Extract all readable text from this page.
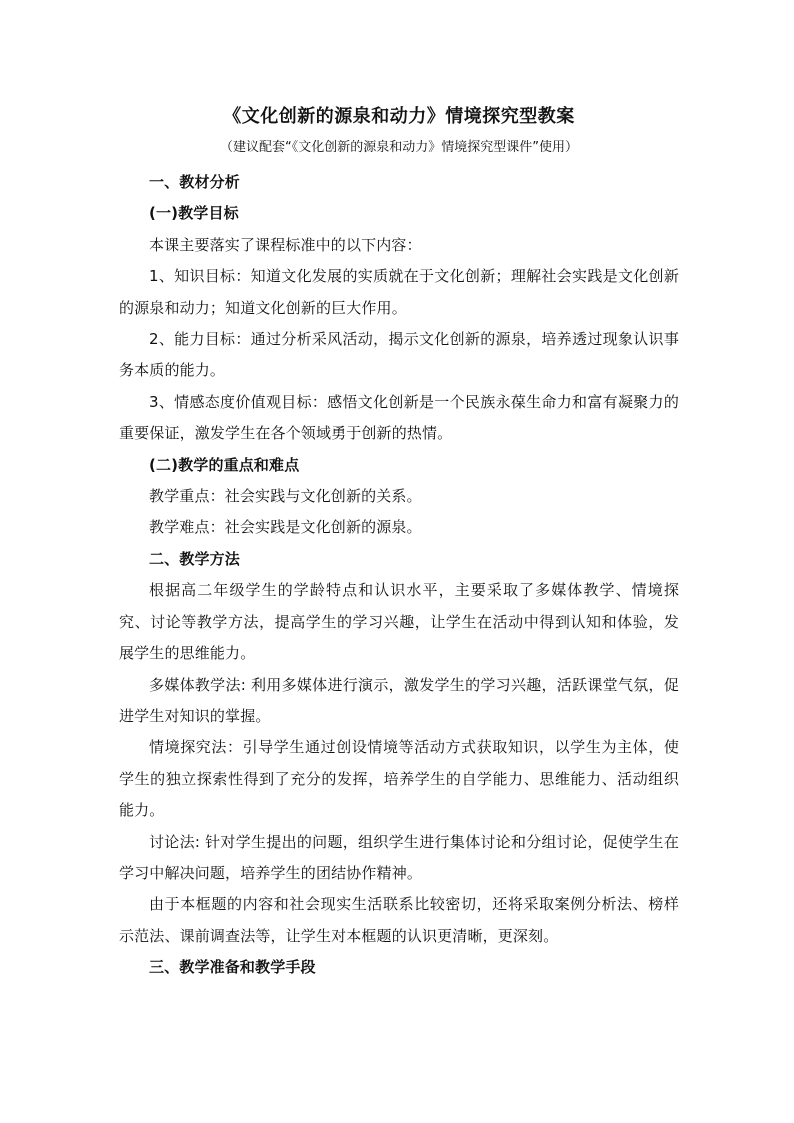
《文化创新的源泉和动力》情境探究型教案
（建议配套“《文化创新的源泉和动力》情境探究型课件”使用）
一、教材分析
(一)教学目标
本课主要落实了课程标准中的以下内容：
1、知识目标：知道文化发展的实质就在于文化创新；理解社会实践是文化创新的源泉和动力；知道文化创新的巨大作用。
2、能力目标：通过分析采风活动，揭示文化创新的源泉，培养透过现象认识事务本质的能力。
3、情感态度价值观目标：感悟文化创新是一个民族永葆生命力和富有凝聚力的重要保证，激发学生在各个领域勇于创新的热情。
(二)教学的重点和难点
教学重点：社会实践与文化创新的关系。
教学难点：社会实践是文化创新的源泉。
二、教学方法
根据高二年级学生的学龄特点和认识水平，主要采取了多媒体教学、情境探究、讨论等教学方法，提高学生的学习兴趣，让学生在活动中得到认知和体验，发展学生的思维能力。
多媒体教学法: 利用多媒体进行演示，激发学生的学习兴趣，活跃课堂气氛，促进学生对知识的掌握。
情境探究法：引导学生通过创设情境等活动方式获取知识，以学生为主体，使学生的独立探索性得到了充分的发挥，培养学生的自学能力、思维能力、活动组织能力。
讨论法: 针对学生提出的问题，组织学生进行集体讨论和分组讨论，促使学生在学习中解决问题，培养学生的团结协作精神。
由于本框题的内容和社会现实生活联系比较密切，还将采取案例分析法、榜样示范法、课前调查法等，让学生对本框题的认识更清晰，更深刻。
三、教学准备和教学手段
